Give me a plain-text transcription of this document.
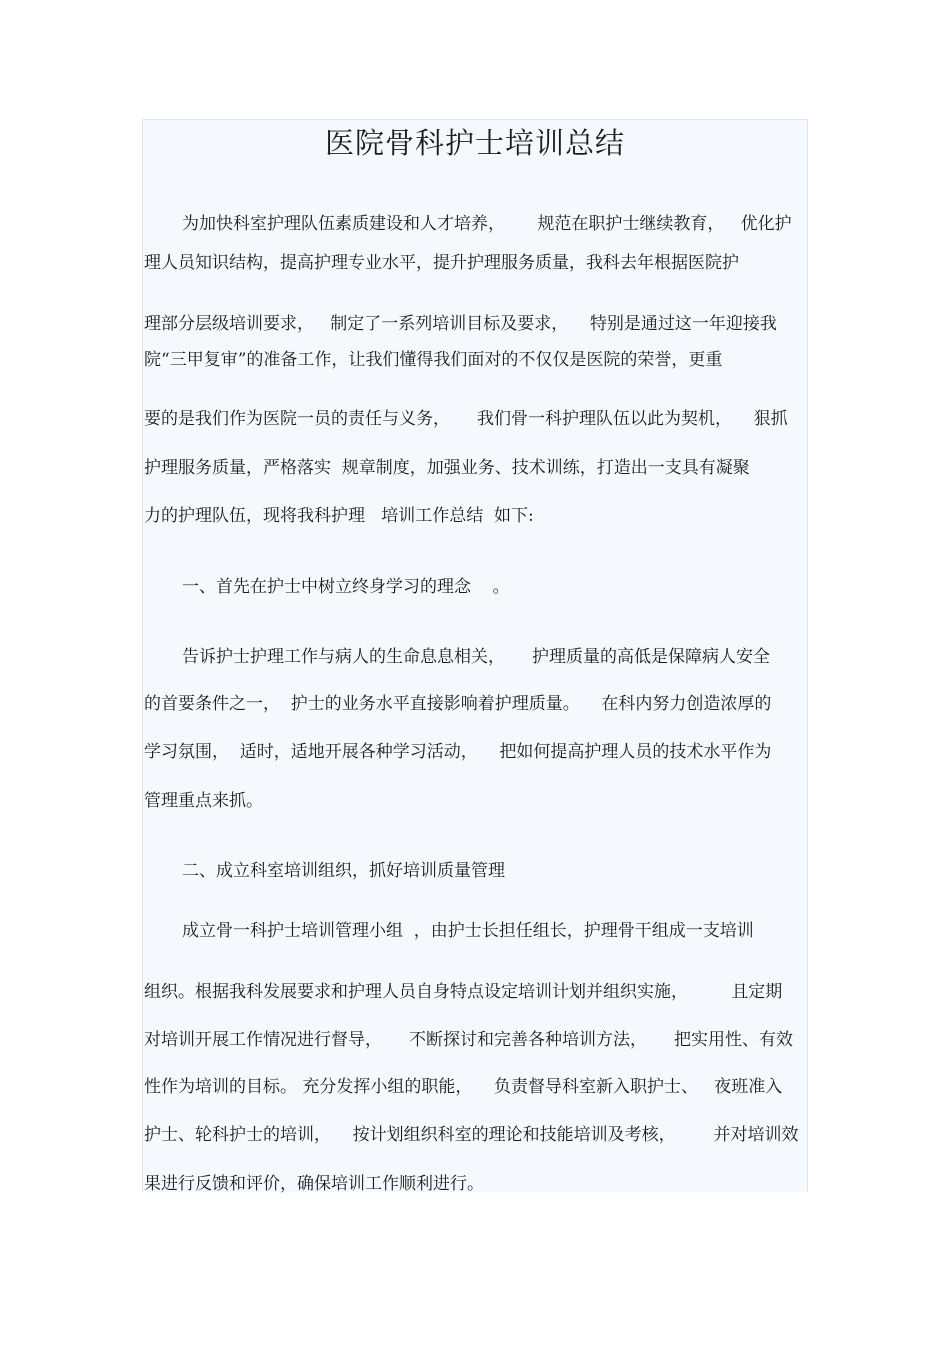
医院骨科护士培训总结
为加快科室护理队伍素质建设和人才培养，      规范在职护士继续教育，   优化护
理人员知识结构，提高护理专业水平，提升护理服务质量，我科去年根据医院护
理部分层级培训要求，   制定了一系列培训目标及要求，    特别是通过这一年迎接我
院“三甲复审”的准备工作，让我们懂得我们面对的不仅仅是医院的荣誉，更重
要的是我们作为医院一员的责任与义务，     我们骨一科护理队伍以此为契机，    狠抓
护理服务质量，严格落实  规章制度，加强业务、技术训练，打造出一支具有凝聚
力的护理队伍，现将我科护理   培训工作总结  如下:
一、首先在护士中树立终身学习的理念    。
告诉护士护理工作与病人的生命息息相关，     护理质量的高低是保障病人安全
的首要条件之一，  护士的业务水平直接影响着护理质量。    在科内努力创造浓厚的
学习氛围，  适时，适地开展各种学习活动，    把如何提高护理人员的技术水平作为
管理重点来抓。
二、成立科室培训组织，抓好培训质量管理
成立骨一科护士培训管理小组  ，由护士长担任组长，护理骨干组成一支培训
组织。根据我科发展要求和护理人员自身特点设定培训计划并组织实施，        且定期
对培训开展工作情况进行督导，     不断探讨和完善各种培训方法，     把实用性、有效
性作为培训的目标。 充分发挥小组的职能，    负责督导科室新入职护士、   夜班准入
护士、轮科护士的培训，    按计划组织科室的理论和技能培训及考核，       并对培训效
果进行反馈和评价，确保培训工作顺利进行。
